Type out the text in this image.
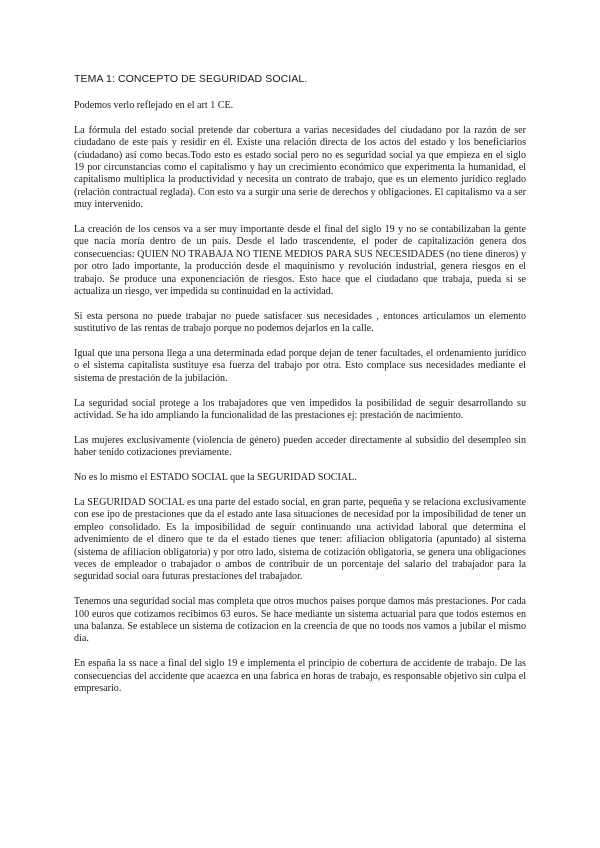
TEMA 1: CONCEPTO DE SEGURIDAD SOCIAL.

Podemos verlo reflejado en el art 1 CE.

La fórmula del estado social pretende dar cobertura a varias necesidades del ciudadano por la razón de ser ciudadano de este país y residir en él. Existe una relación directa de los actos del estado y los beneficiarios (ciudadano) así como becas.Todo esto es estado social pero no es seguridad social ya que empieza en el siglo 19 por circunstancias como el capitalismo y hay un crecimiento económico que experimenta la humanidad, el capitalismo multiplica la productividad y necesita un contrato de trabajo, que es un elemento jurídico reglado (relación contractual reglada). Con esto va a surgir una serie de derechos y obligaciones. El capitalismo va a ser muy intervenido.

La creación de los censos va a ser muy importante desde el final del siglo 19 y no se contabilizaban la gente que nacía moría dentro de un país. Desde el lado trascendente, el poder de capitalización genera dos consecuencias: QUIEN NO TRABAJA NO TIENE MEDIOS PARA SUS NECESIDADES (no tiene dineros) y por otro lado importante, la producción desde el maquinismo y revolución industrial, genera riesgos en el trabajo. Se produce una exponenciación de riesgos. Esto hace que el ciudadano que trabaja, pueda si se actualiza un riesgo, ver impedida su continuidad en la actividad.

Si esta persona no puede trabajar no puede satisfacer sus necesidades , entonces articulamos un elemento sustitutivo de las rentas de trabajo porque no podemos dejarlos en la calle.

Igual que una persona llega a una determinada edad porque dejan de tener facultades, el ordenamiento jurídico o el sistema capitalista sustituye esa fuerza del trabajo por otra. Esto complace sus necesidades mediante el sistema de prestación de la jubilación.

La seguridad social protege a los trabajadores que ven impedidos la posibilidad de seguir desarrollando su actividad. Se ha ido ampliando la funcionalidad de las prestaciones ej: prestación de nacimiento.

Las mujeres exclusivamente (violencia de género) pueden acceder directamente al subsidio del desempleo sin haber tenido cotizaciones previamente.

No es lo mismo el ESTADO SOCIAL que la SEGURIDAD SOCIAL.

La SEGURIDAD SOCIAL es una parte del estado social, en gran parte, pequeña y se relaciona exclusivamente con ese ipo de prestaciones que da el estado ante lasa situaciones de necesidad por la imposibilidad de tener un empleo consolidado. Es la imposibilidad de seguir continuando una actividad laboral que determina el advenimiento de el dinero que te da el estado tienes que tener: afiliacion obligatoria (apuntado) al sistema (sistema de afiliacion obligatoria) y por otro lado, sistema de cotización obligatoria, se genera una obligaciones veces de empleador o trabajador o ambos de contribuir de un porcentaje del salario del trabajador para la seguridad social oara futuras prestaciones del trabajador.

Tenemos una seguridad social mas completa que otros muchos paises porque damos más prestaciones. Por cada 100 euros que cotizamos recibimos 63 euros. Se hace mediante un sistema actuarial para que todos estemos en una balanza. Se establece un sistema de cotizacion en la creencia de que no toods nos vamos a jubilar el mismo día.

En españa la ss nace a final del siglo 19 e implementa el principio de cobertura de accidente de trabajo. De las consecuencias del accidente que acaezca en una fabrica en horas de trabajo, es responsable objetivo sin culpa el empresario.
